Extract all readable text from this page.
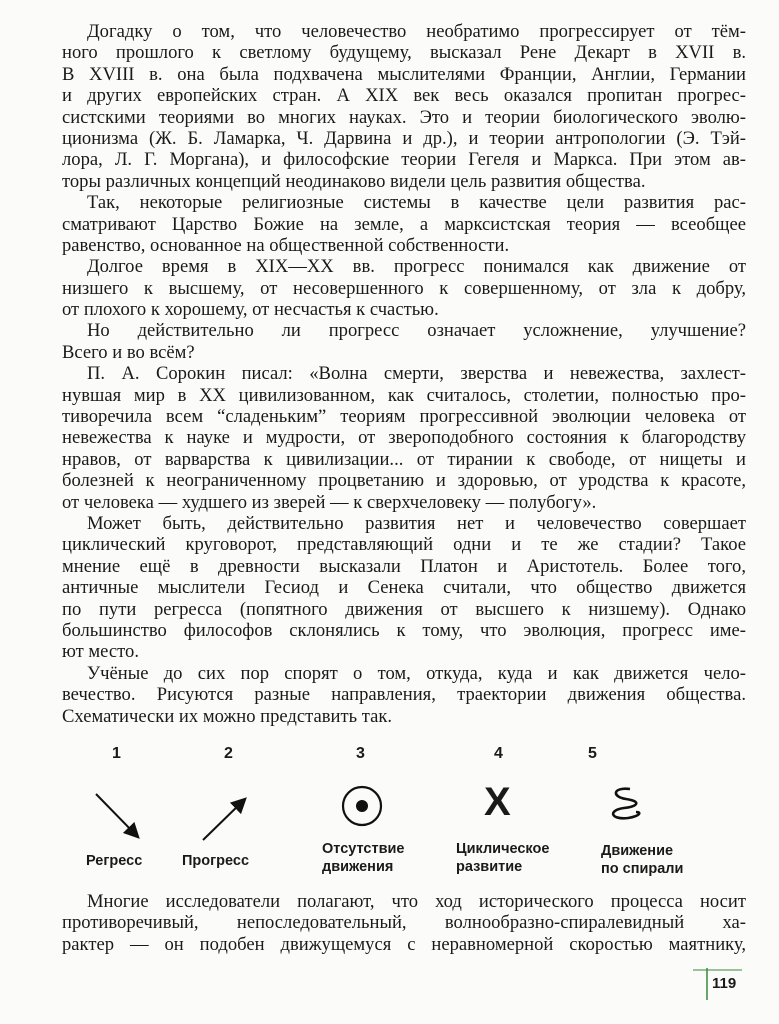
Догадку о том, что человечество необратимо прогрессирует от тём-
ного прошлого к светлому будущему, высказал Рене Декарт в XVII в.
В XVIII в. она была подхвачена мыслителями Франции, Англии, Германии
и других европейских стран. А XIX век весь оказался пропитан прогрес-
систскими теориями во многих науках. Это и теории биологического эволю-
ционизма (Ж. Б. Ламарка, Ч. Дарвина и др.), и теории антропологии (Э. Тэй-
лора, Л. Г. Моргана), и философские теории Гегеля и Маркса. При этом ав-
торы различных концепций неодинаково видели цель развития общества.
Так, некоторые религиозные системы в качестве цели развития рас-
сматривают Царство Божие на земле, а марксистская теория — всеобщее
равенство, основанное на общественной собственности.
Долгое время в XIX—XX вв. прогресс понимался как движение от
низшего к высшему, от несовершенного к совершенному, от зла к добру,
от плохого к хорошему, от несчастья к счастью.
Но действительно ли прогресс означает усложнение, улучшение?
Всего и во всём?
П. А. Сорокин писал: «Волна смерти, зверства и невежества, захлест-
нувшая мир в XX цивилизованном, как считалось, столетии, полностью про-
тиворечила всем “сладеньким” теориям прогрессивной эволюции человека от
невежества к науке и мудрости, от звероподобного состояния к благородству
нравов, от варварства к цивилизации... от тирании к свободе, от нищеты и
болезней к неограниченному процветанию и здоровью, от уродства к красоте,
от человека — худшего из зверей — к сверхчеловеку — полубогу».
Может быть, действительно развития нет и человечество совершает
циклический круговорот, представляющий одни и те же стадии? Такое
мнение ещё в древности высказали Платон и Аристотель. Более того,
античные мыслители Гесиод и Сенека считали, что общество движется
по пути регресса (попятного движения от высшего к низшему). Однако
большинство философов склонялись к тому, что эволюция, прогресс име-
ют место.
Учёные до сих пор спорят о том, откуда, куда и как движется чело-
вечество. Рисуются разные направления, траектории движения общества.
Схематически их можно представить так.
1	2	3	4	5
X
Регресс	Прогресс
Отсутствие
движения
Циклическое
развитие
Движение
по спирали
Многие исследователи полагают, что ход исторического процесса носит
противоречивый, непоследовательный, волнообразно-спиралевидный ха-
рактер — он подобен движущемуся с неравномерной скоростью маятнику,
119
